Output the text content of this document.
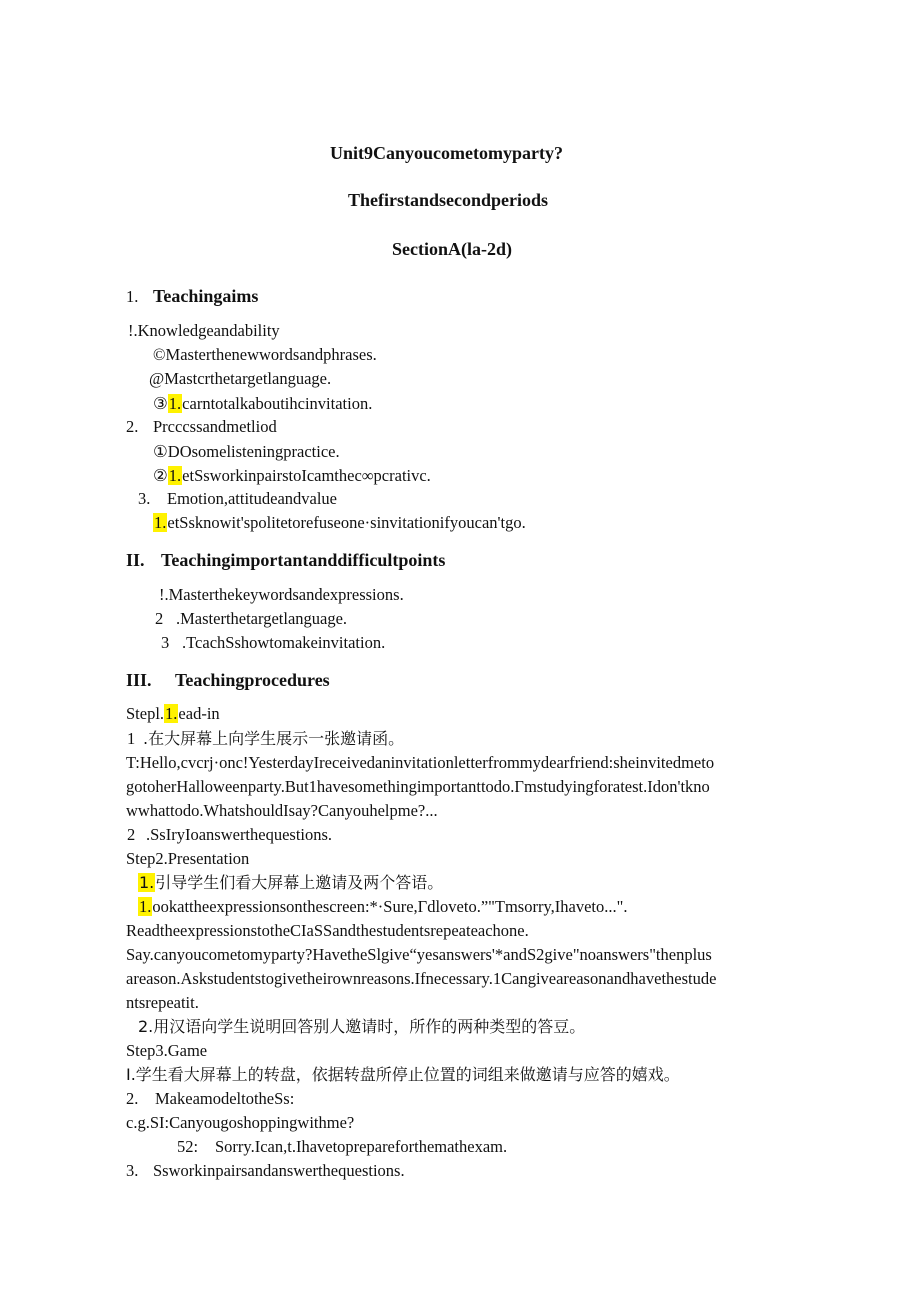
Unit9Canyoucometomyparty?
Thefirstandsecondperiods
SectionA(la-2d)
1. Teachingaims
!.Knowledgeandability
©Masterthenewwordsandphrases.
@Mastcrthetargetlanguage.
③1.carntotalkaboutihcinvitation.
2. Prcccssandmetliod
①DOsomelisteningpractice.
②1.etSsworkinpairstoIcamthec∞pcrativc.
3. Emotion,attitudeandvalue
1.etSsknowit'spolitetorefuseone·sinvitationifyoucan'tgo.
II. Teachingimportantanddifficultpoints
!.Masterthekeywordsandexpressions.
2 .Masterthetargetlanguage.
3 .TcachSshowtomakeinvitation.
III. Teachingprocedures
Stepl.1.ead-in
1 .在大屏幕上向学生展示一张邀请函。
T:Hello,cvcrj·onc!YesterdayIreceivedaninvitationletterfrommydearfriend:sheinvitedmeto
gotoherHalloweenparty.But1havesomethingimportanttodo.Γmstudyingforatest.Idon'tkno
wwhattodo.WhatshouldIsay?Canyouhelpme?...
2 .SsIryIoanswerthequestions.
Step2.Presentation
1.引导学生们看大屏幕上邀请及两个答语。
1.ookattheexpressionsonthescreen:*·Sure,Γdloveto.”"Tmsorry,Ihaveto...".
ReadtheexpressionstotheCIaSSandthestudentsrepeateachone.
Say.canyoucometomyparty?HavetheSlgive“yesanswers'*andS2give"noanswers"thenplus
areason.Askstudentstogivetheirownreasons.Ifnecessary.1Cangiveareasonandhavethestude
ntsrepeatit.
2.用汉语向学生说明回答别人邀请时，所作的两种类型的答豆。
Step3.Game
I.学生看大屏幕上的转盘，依据转盘所停止位置的词组来做邀请与应答的嬉戏。
2. MakeamodeltotheSs:
c.g.SI:Canyougoshoppingwithme?
52: Sorry.Ican,t.Ihavetoprepareforthemathexam.
3. Ssworkinpairsandanswerthequestions.
